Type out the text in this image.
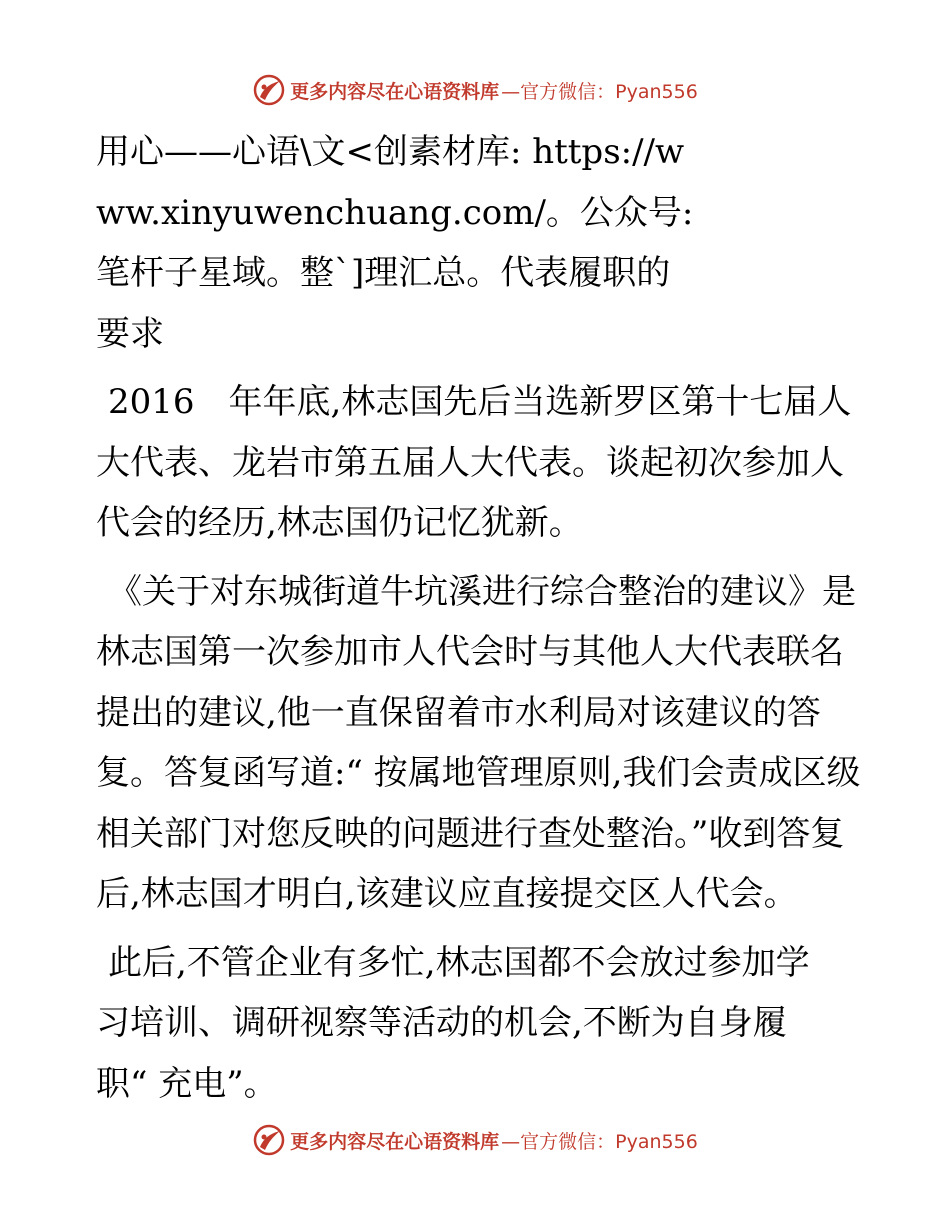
更多内容尽在心语资料库 —官方微信：Pyan556

用心——心语\文<创素材库: https://www.xinyuwenchuang.com/。公众号: 笔杆子星域。整`]理汇总。代表履职的要求

2016　年年底,林志国先后当选新罗区第十七届人大代表、龙岩市第五届人大代表。谈起初次参加人代会的经历,林志国仍记忆犹新。

《关于对东城街道牛坑溪进行综合整治的建议》是林志国第一次参加市人代会时与其他人大代表联名提出的建议,他一直保留着市水利局对该建议的答复。答复函写道:“ 按属地管理原则,我们会责成区级相关部门对您反映的问题进行查处整治。”收到答复后,林志国才明白,该建议应直接提交区人代会。

此后,不管企业有多忙,林志国都不会放过参加学习培训、调研视察等活动的机会,不断为自身履职“ 充电”。

更多内容尽在心语资料库 —官方微信：Pyan556
